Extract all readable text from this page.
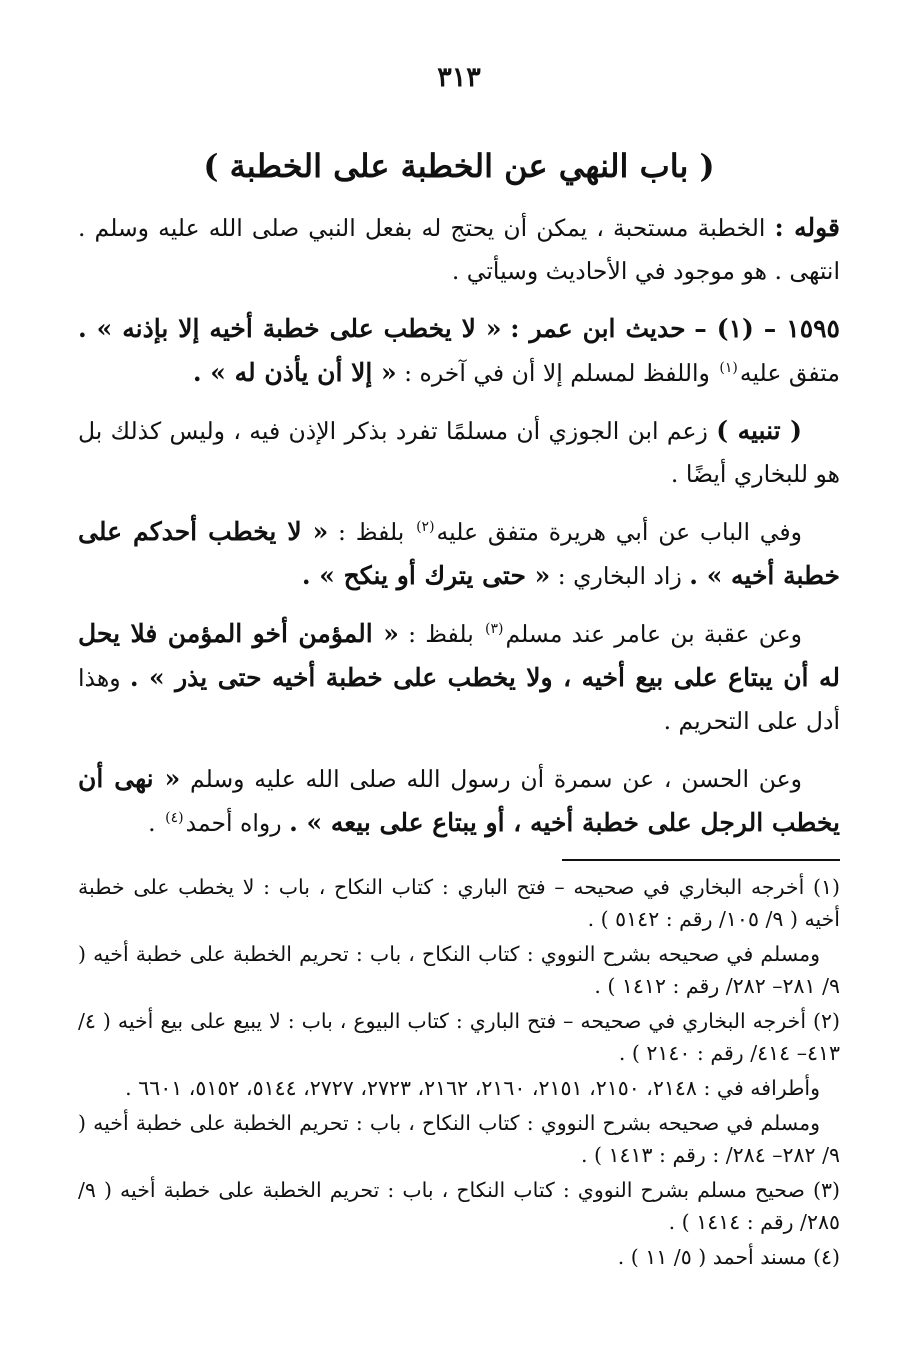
٣١٣
( باب النهي عن الخطبة على الخطبة )

قوله : الخطبة مستحبة ، يمكن أن يحتج له بفعل النبي صلى الله عليه وسلم . انتهى . هو موجود في الأحاديث وسيأتي .

١٥٩٥ – (١) – حديث ابن عمر : « لا يخطب على خطبة أخيه إلا بإذنه » . متفق عليه$^{(١)}$ واللفظ لمسلم إلا أن في آخره : « إلا أن يأذن له » .

( تنبيه ) زعم ابن الجوزي أن مسلمًا تفرد بذكر الإذن فيه ، وليس كذلك بل هو للبخاري أيضًا .

وفي الباب عن أبي هريرة متفق عليه$^{(٢)}$ بلفظ : « لا يخطب أحدكم على خطبة أخيه » . زاد البخاري : « حتى يترك أو ينكح » .

وعن عقبة بن عامر عند مسلم$^{(٣)}$ بلفظ : « المؤمن أخو المؤمن فلا يحل له أن يبتاع على بيع أخيه ، ولا يخطب على خطبة أخيه حتى يذر » . وهذا أدل على التحريم .

وعن الحسن ، عن سمرة أن رسول الله صلى الله عليه وسلم « نهى أن يخطب الرجل على خطبة أخيه ، أو يبتاع على بيعه » . رواه أحمد$^{(٤)}$ .

(١) أخرجه البخاري في صحيحه – فتح الباري : كتاب النكاح ، باب : لا يخطب على خطبة أخيه ( ٩/ ١٠٥/ رقم : ٥١٤٢ ) .

ومسلم في صحيحه بشرح النووي : كتاب النكاح ، باب : تحريم الخطبة على خطبة أخيه ( ٩/ ٢٨١– ٢٨٢/ رقم : ١٤١٢ ) .

(٢) أخرجه البخاري في صحيحه – فتح الباري : كتاب البيوع ، باب : لا يبيع على بيع أخيه ( ٤/ ٤١٣– ٤١٤/ رقم : ٢١٤٠ ) .

وأطرافه في : ٢١٤٨، ٢١٥٠، ٢١٥١، ٢١٦٠، ٢١٦٢، ٢٧٢٣، ٢٧٢٧، ٥١٤٤، ٥١٥٢، ٦٦٠١ .

ومسلم في صحيحه بشرح النووي : كتاب النكاح ، باب : تحريم الخطبة على خطبة أخيه ( ٩/ ٢٨٢– ٢٨٤/ : رقم : ١٤١٣ ) .

(٣) صحيح مسلم بشرح النووي : كتاب النكاح ، باب : تحريم الخطبة على خطبة أخيه ( ٩/ ٢٨٥/ رقم : ١٤١٤ ) .

(٤) مسند أحمد ( ٥/ ١١ ) .
